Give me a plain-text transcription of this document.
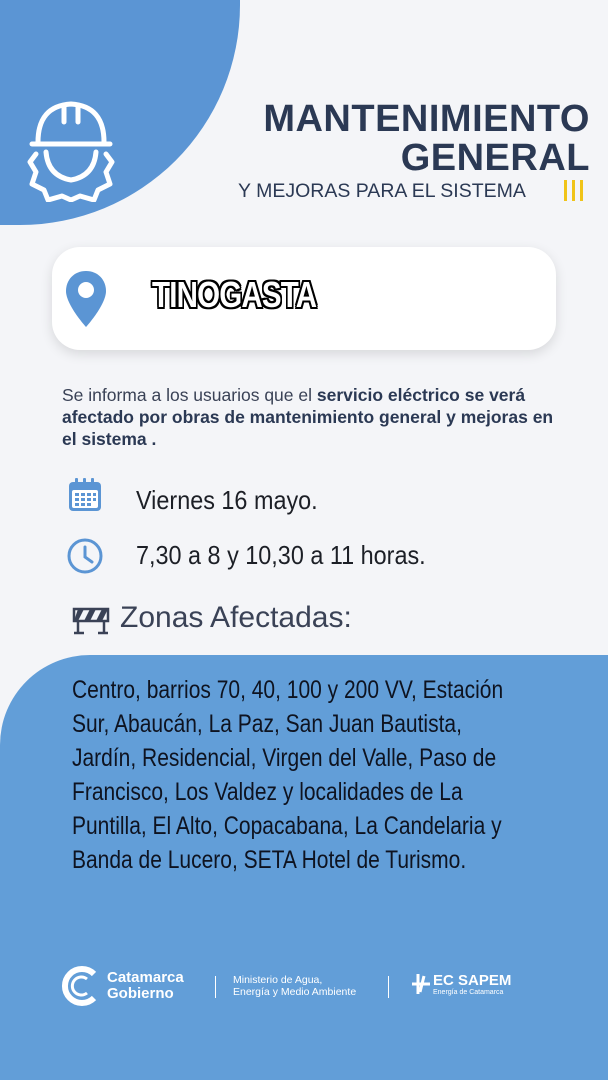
MANTENIMIENTO
GENERAL
Y MEJORAS PARA EL SISTEMA
TINOGASTA
Se informa a los usuarios que el servicio eléctrico se verá afectado por obras de mantenimiento general y mejoras en el sistema .
Viernes 16 mayo.
7,30 a 8 y 10,30 a 11 horas.
Zonas Afectadas:
Centro, barrios 70, 40, 100 y 200 VV, Estación Sur, Abaucán, La Paz, San Juan Bautista, Jardín, Residencial, Virgen del Valle, Paso de Francisco, Los Valdez y localidades de La Puntilla, El Alto, Copacabana, La Candelaria y Banda de Lucero, SETA Hotel de Turismo.
Catamarca
Gobierno
Ministerio de Agua,
Energía y Medio Ambiente
EC SAPEM
Energía de Catamarca
